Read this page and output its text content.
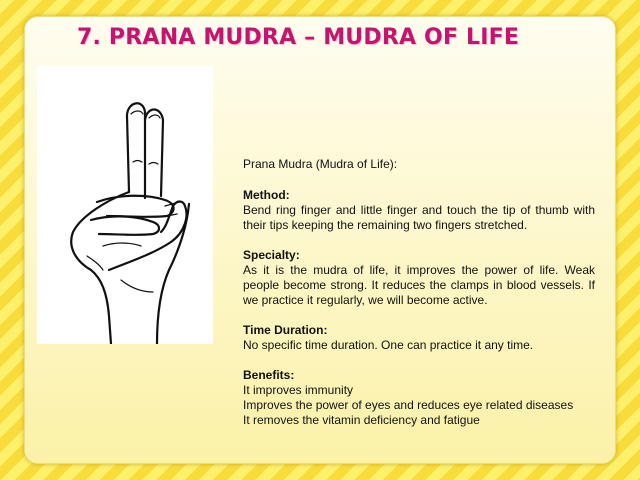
7. PRANA MUDRA – MUDRA OF LIFE

Prana Mudra (Mudra of Life):

Method:

Bend ring finger and little finger and touch the tip of thumb with their tips keeping the remaining two fingers stretched.

Specialty:

As it is the mudra of life, it improves the power of life. Weak people become strong. It reduces the clamps in blood vessels. If we practice it regularly, we will become active.

Time Duration:

No specific time duration. One can practice it any time.

Benefits:

It improves immunity

Improves the power of eyes and reduces eye related diseases

It removes the vitamin deficiency and fatigue
